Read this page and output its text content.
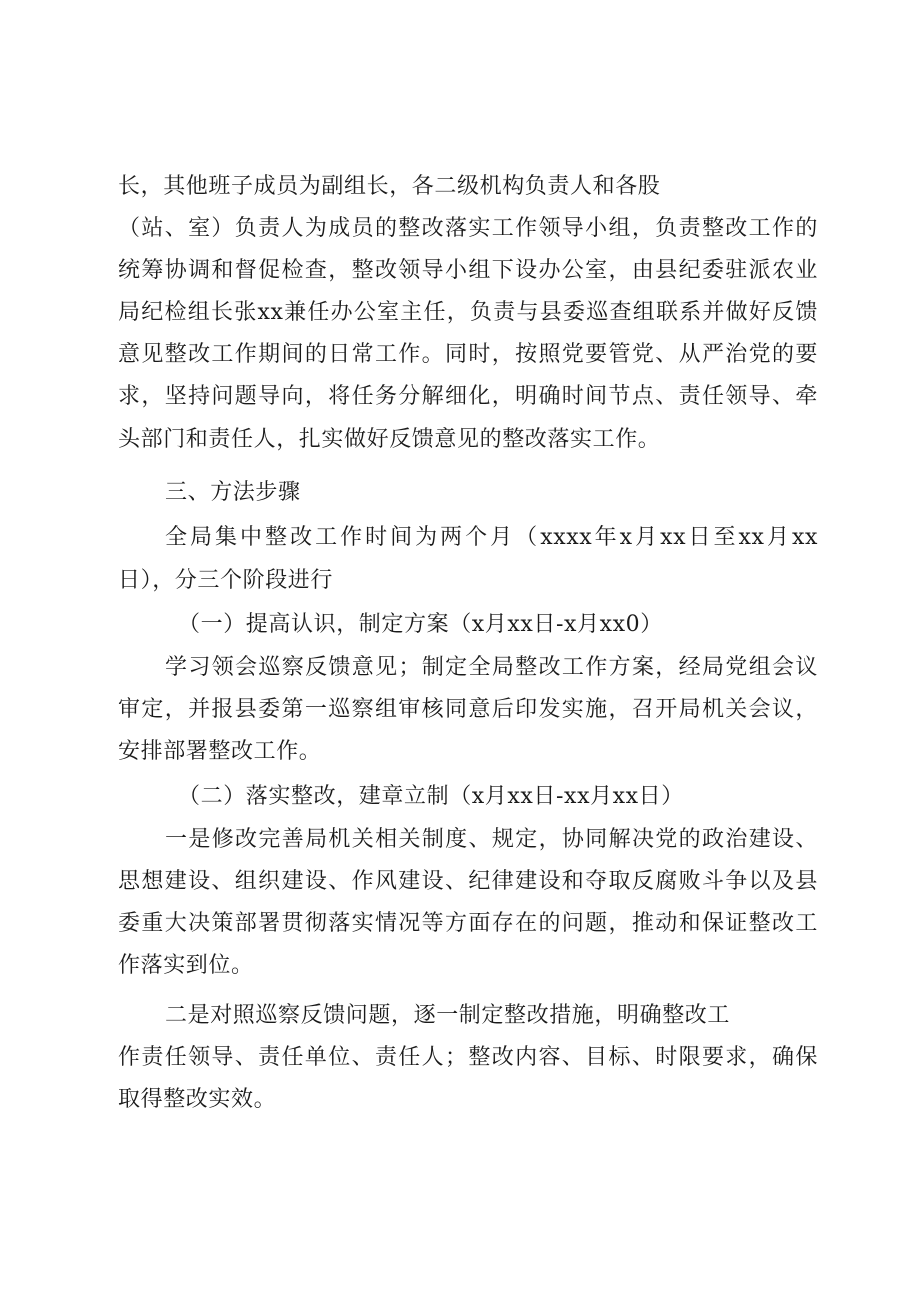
长，其他班子成员为副组长，各二级机构负责人和各股
（站、室）负责人为成员的整改落实工作领导小组，负责整改工作的
统筹协调和督促检查，整改领导小组下设办公室，由县纪委驻派农业
局纪检组长张xx兼任办公室主任，负责与县委巡查组联系并做好反馈
意见整改工作期间的日常工作。同时，按照党要管党、从严治党的要
求，坚持问题导向，将任务分解细化，明确时间节点、责任领导、牵
头部门和责任人，扎实做好反馈意见的整改落实工作。
三、方法步骤
全局集中整改工作时间为两个月（xxxx年x月xx日至xx月xx
日），分三个阶段进行
（一）提高认识，制定方案（x月xx日-x月xx0）
学习领会巡察反馈意见；制定全局整改工作方案，经局党组会议
审定，并报县委第一巡察组审核同意后印发实施，召开局机关会议，
安排部署整改工作。
（二）落实整改，建章立制（x月xx日-xx月xx日）
一是修改完善局机关相关制度、规定，协同解决党的政治建设、
思想建设、组织建设、作风建设、纪律建设和夺取反腐败斗争以及县
委重大决策部署贯彻落实情况等方面存在的问题，推动和保证整改工
作落实到位。
二是对照巡察反馈问题，逐一制定整改措施，明确整改工
作责任领导、责任单位、责任人；整改内容、目标、时限要求，确保
取得整改实效。
